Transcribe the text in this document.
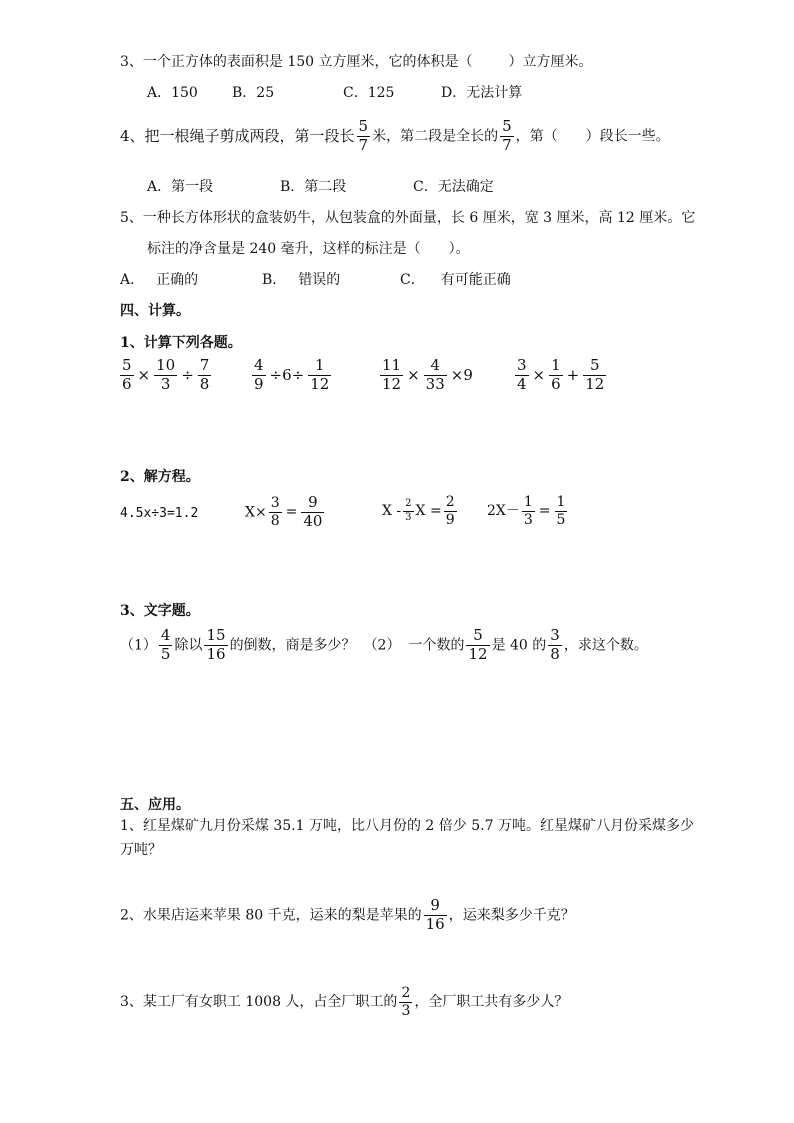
3、一个正方体的表面积是 150 立方厘米，它的体积是（	）立方厘米。
A．150 B．25	C．125	D．无法计算
4、把一根绳子剪成两段，第一段长 $\frac{5}{7}$ 米，第二段是全长的 $\frac{5}{7}$ ，第（ ）段长一些。
A．第一段	B．第二段	C．无法确定
5、一种长方体形状的盒装奶牛，从包装盒的外面量，长 6 厘米，宽 3 厘米，高 12 厘米。它
标注的净含量是 240 毫升，这样的标注是（　　）。
A． 正确的	B． 错误的	C． 有可能正确
四、计算。
1、计算下列各题。
$\frac{5}{6} \times \frac{10}{3} \div \frac{7}{8}$	$\frac{4}{9} \div 6\div \frac{1}{12}$	$\frac{11}{12} \times \frac{4}{33} \times 9$	$\frac{3}{4} \times \frac{1}{6} + \frac{5}{12}$
2、解方程。
4.5x÷3=1.2	$X\times \frac{3}{8} = \frac{9}{40}$	X - $\frac{2}{3}$ $X = \frac{2}{9} 2X- \frac{1}{3} = \frac{1}{5}$
3、文字题。
$(1) \frac{4}{5}$ 除以 $\frac{15}{16}$ 的倒数，商是多少？ （2） 一个数的 $\frac{5}{12}$ 是 40 的 $\frac{3}{8}$ ，求这个数。
五、应用。
1、红星煤矿九月份采煤 35.1 万吨，比八月份的 2 倍少 5.7 万吨。红星煤矿八月份采煤多少
万吨？
2、水果店运来苹果 80 千克，运来的梨是苹果的 $\frac{9}{16}$ ，运来梨多少千克？
3、某工厂有女职工 1008 人，占全厂职工的 $\frac{2}{3}$ ，全厂职工共有多少人？
